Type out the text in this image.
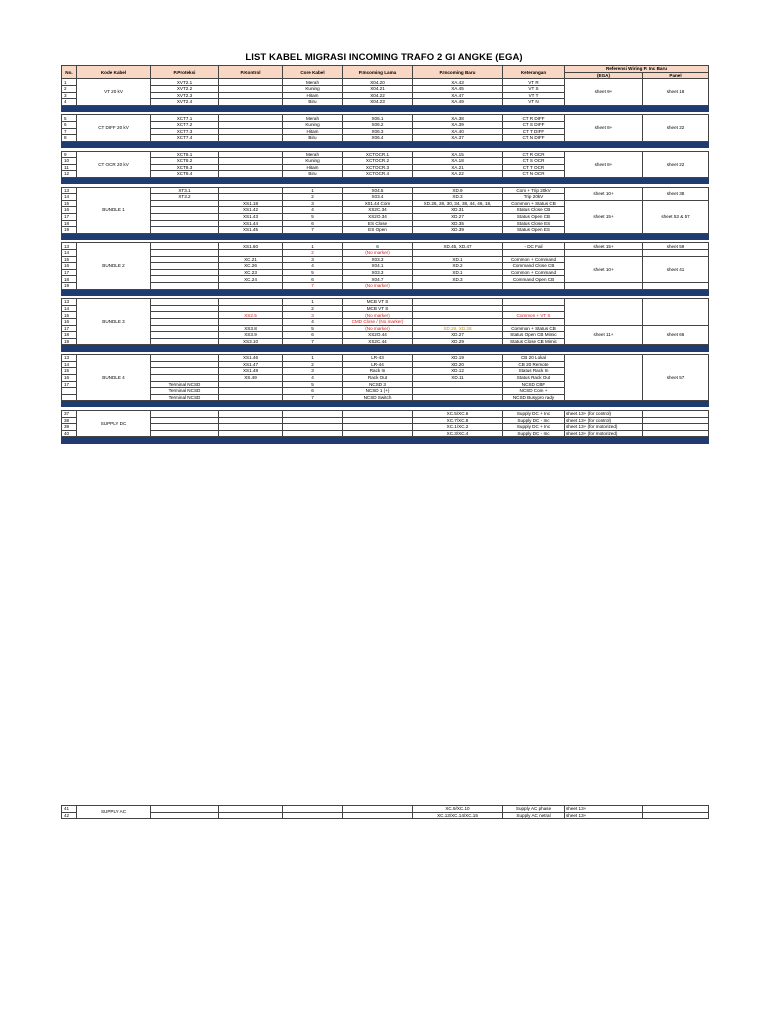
LIST KABEL MIGRASI INCOMING TRAFO 2 GI ANGKE (EGA)
No.	Kode Kabel	P.Proteksi	P.Kontrol	Core Kabel	P.Incoming Lama	P.Incoming Baru	Keterangan	Referensi Wiring P. Inc Baru	
								(EGA)	Panel
1	VT 20 kV	XVT2.1		Merah	X04.20	XA.43	VT R	sheet 9+	sheet 18
2		XVT2.2		Kuning	X04.21	XA.45	VT S		
3		XVT2.3		Hitam	X04.22	XA.47	VT T		
4		XVT2.4		Biru	X04.23	XA.49	VT N		

5	CT DIFF 20 kV	XCT7.1		Merah	X06.1	XA.38	CT R DIFF	sheet 8+	sheet 22
6		XCT7.2		Kuning	X06.2	XA.39	CT S DIFF		
7		XCT7.3		Hitam	X06.3	XA.40	CT T DIFF		
8		XCT7.4		Biru	X06.4	XA.37	CT N DIFF		

9	CT OCR 20 kV	XCT8.1		Merah	XCTOCR.1	XA.15	CT R OCR	sheet 8+	sheet 22
10		XCT8.2		Kuning	XCTOCR.2	XA.18	CT S OCR		
11		XCT8.3		Hitam	XCTOCR.3	XA.21	CT T OCR		
12		XCT8.4		Biru	XCTOCR.4	XA.22	CT N OCR		

13	BUNDLE 1	XT3.1		1	X04.5	XD.9	Com + Trip 20kV	sheet 10+	sheet 38
14		XT3.2		2	X03.4	XD.3	Trip 20kV		
15			XS1.18	3	X01.44 Com	XD.26, 28, 30, 34, 38, 44, 46, 18,	Common + Status CB	sheet 15+	sheet 53 & 57
16			XS1.42	4	XS2C.34	XD.31	Status Close CB		
17			XS1.43	5	XS2O.34	XD.27	Status Open CB		
18			XS1.44	6	ES Close	XD.35	Status Close ES		
19			XS1.45	7	ES Open	XD.39	Status Open ES		

13	BUNDLE 2		XS1.60	1	6	XD.45, XD.47	- DC Fail	sheet 15+	sheet 59
14				2	(No marker)				
15			XC.21	3	X03.3	XD.1	Common + Command	sheet 10+	sheet 41
16			XC.26	4	X04.1	XD.2	Command Close CB		
17			XC.23	5	X03.3	XD.1	Common + Command		
18			XC.24	6	X04.7	XD.3	Command Open CB		
19				7	(No marker)				

13	BUNDLE 3			1	MCB VT S				
14				2	MCB VT S				
15			XS2.5	3	(No marker)		Common + VT S		
16				4	CMD Close / (No marker)				
17			XS3.8	5	(No marker)	XD.26, XD.28	Common + Status CB	sheet 11+	sheet 66
18			XS3.9	6	XS2O.44	XD.27	Status Open CB Mimic		
19			XS3.10	7	XS2C.44	XD.29	Status Close CB Mimic		

13	BUNDLE 4		XS1.46	1	LR-43	XD.19	CB 20 Lokal		sheet 57
14			XS1.47	2	LR-44	XD.20	CB 20 Remote		
15			XS1.48	3	Rack In	XD.12	Status Rack In		
16			XS.49	4	Rack Out	XD.11	Status Rack Out		
17		Terminal NCSD		5	NCSD 3		NCSD CBF		
		Terminal NCSD		6	NCSD 1 (+)		NCSD Com +		
		Terminal NCSD		7	NCSD Switch		NCSD Busypro rady		

37	SUPPLY DC					XC.5/XC.6	Supply DC + Inc	sheet 13+ (for control)	
38						XC.7/XC.8	Supply DC - Inc	sheet 13+ (for control)	
39						XC.1/XC.2	Supply DC + Inc	sheet 13+ (for motorized)	
40						XC.3/XC.4	Supply DC - Inc	sheet 13+ (for motorized)	

41	SUPPLY AC					XC.9/XC.10	Supply AC phase	sheet 13+	
42						XC.13/XC.14/XC.15	Supply AC netral	sheet 13+	
